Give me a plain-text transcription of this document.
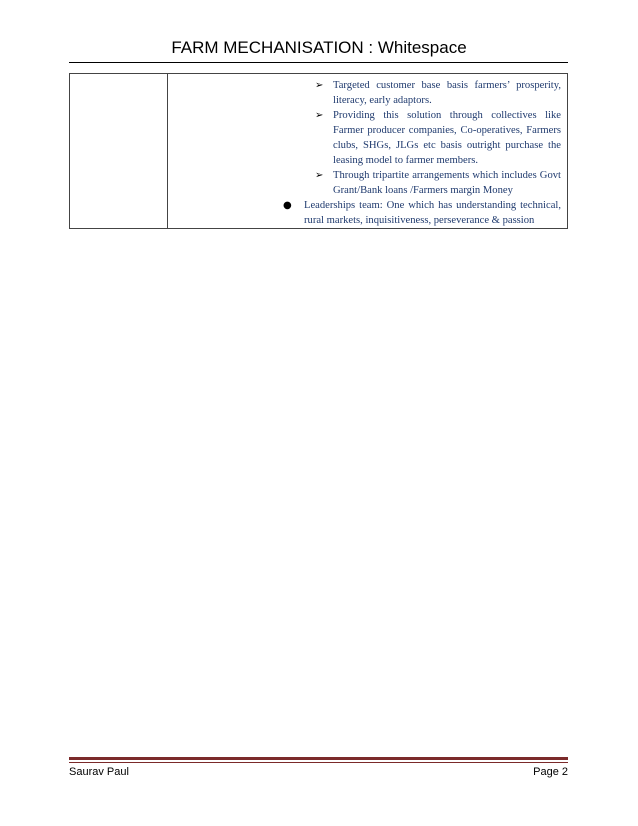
FARM MECHANISATION : Whitespace

➢ Targeted customer base basis farmers’ prosperity, literacy, early adaptors.
➢ Providing this solution through collectives like Farmer producer companies, Co-operatives, Farmers clubs, SHGs, JLGs etc basis outright purchase the leasing model to farmer members.
➢ Through tripartite arrangements which includes Govt Grant/Bank loans /Farmers margin Money
● Leaderships team: One which has understanding technical, rural markets, inquisitiveness, perseverance & passion
Saurav Paul	Page 2
